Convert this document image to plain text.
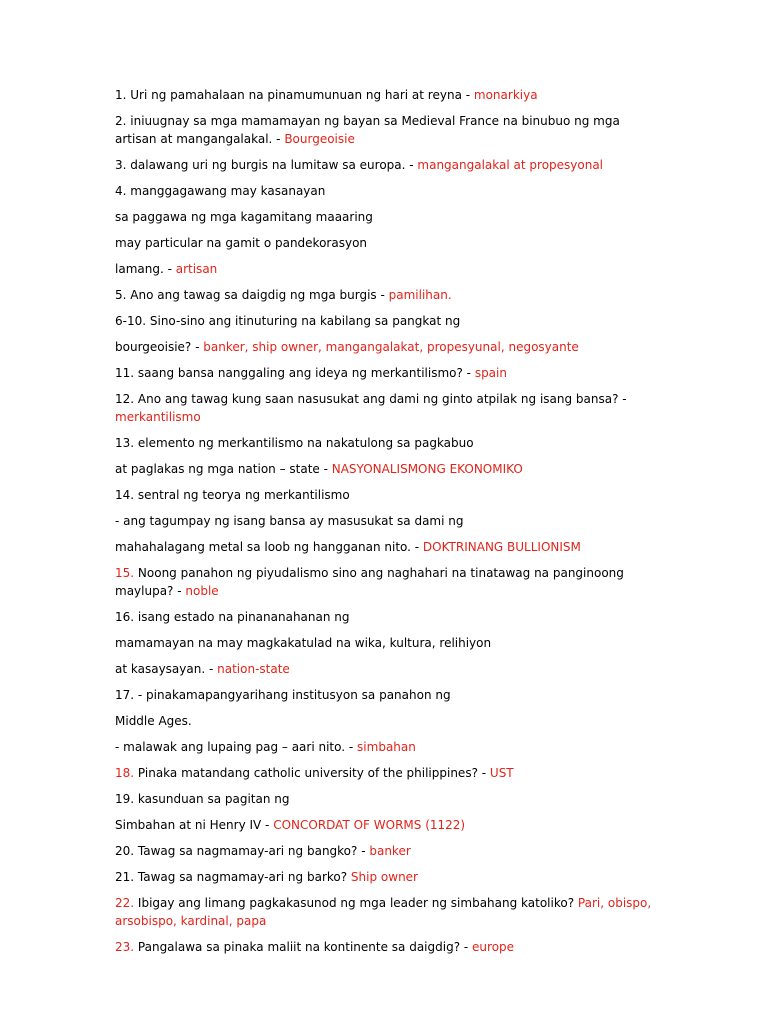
1. Uri ng pamahalaan na pinamumunuan ng hari at reyna - monarkiya

2. iniuugnay sa mga mamamayan ng bayan sa Medieval France na binubuo ng mga artisan at mangangalakal. - Bourgeoisie

3. dalawang uri ng burgis na lumitaw sa europa. - mangangalakal at propesyonal

4. manggagawang may kasanayan

sa paggawa ng mga kagamitang maaaring

may particular na gamit o pandekorasyon

lamang. - artisan

5. Ano ang tawag sa daigdig ng mga burgis - pamilihan.

6-10. Sino-sino ang itinuturing na kabilang sa pangkat ng

bourgeoisie? - banker, ship owner, mangangalakat, propesyunal, negosyante

11. saang bansa nanggaling ang ideya ng merkantilismo? - spain

12. Ano ang tawag kung saan nasusukat ang dami ng ginto atpilak ng isang bansa? - merkantilismo

13. elemento ng merkantilismo na nakatulong sa pagkabuo

at paglakas ng mga nation – state - NASYONALISMONG EKONOMIKO

14. sentral ng teorya ng merkantilismo

- ang tagumpay ng isang bansa ay masusukat sa dami ng

mahahalagang metal sa loob ng hangganan nito. - DOKTRINANG BULLIONISM

15. Noong panahon ng piyudalismo sino ang naghahari na tinatawag na panginoong maylupa? - noble

16. isang estado na pinananahanan ng

mamamayan na may magkakatulad na wika, kultura, relihiyon

at kasaysayan. - nation-state

17. - pinakamapangyarihang institusyon sa panahon ng

Middle Ages.

- malawak ang lupaing pag – aari nito. - simbahan

18. Pinaka matandang catholic university of the philippines? - UST

19. kasunduan sa pagitan ng

Simbahan at ni Henry IV - CONCORDAT OF WORMS (1122)

20. Tawag sa nagmamay-ari ng bangko? - banker

21. Tawag sa nagmamay-ari ng barko? Ship owner

22. Ibigay ang limang pagkakasunod ng mga leader ng simbahang katoliko? Pari, obispo, arsobispo, kardinal, papa

23. Pangalawa sa pinaka maliit na kontinente sa daigdig? - europe
